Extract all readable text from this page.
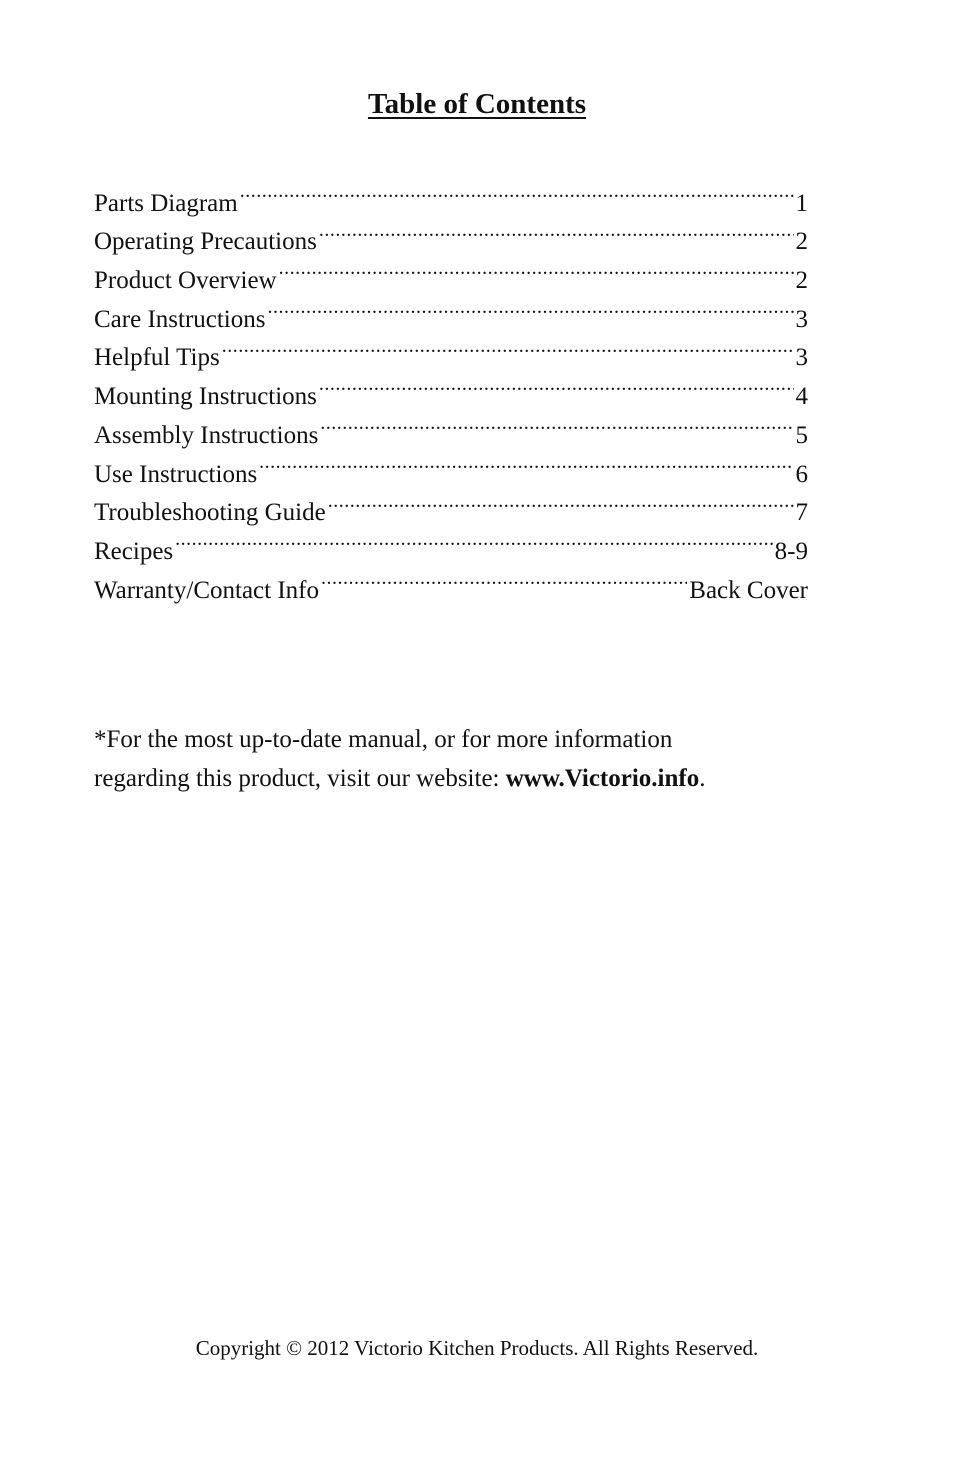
Table of Contents
Parts Diagram .....	1
Operating Precautions .....	2
Product Overview .....	2
Care Instructions .....	3
Helpful Tips .....	3
Mounting Instructions .....	4
Assembly Instructions .....	5
Use Instructions .....	6
Troubleshooting Guide .....	7
Recipes .....	8-9
Warranty/Contact Info .....	Back Cover
*For the most up-to-date manual, or for more information
regarding this product, visit our website: www.Victorio.info.
Copyright © 2012 Victorio Kitchen Products. All Rights Reserved.
